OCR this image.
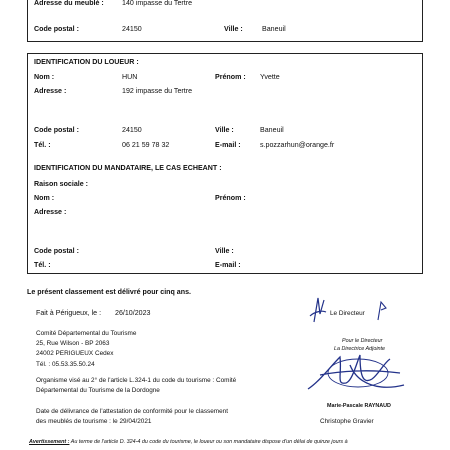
Adresse du meublé :	140 impasse du Tertre
Code postal :	24150	Ville :	Baneuil
IDENTIFICATION DU LOUEUR :
Nom :	HUN	Prénom : Yvette
Adresse :	192 impasse du Tertre
Code postal :	24150	Ville :	Baneuil
Tél. :	06 21 59 78 32	E-mail :	s.pozzarhun@orange.fr
IDENTIFICATION DU MANDATAIRE, LE CAS ECHEANT :
Raison sociale :
Nom :	Prénom :
Adresse :
Code postal :	Ville :
Tél. :	E-mail :
Le présent classement est délivré pour cinq ans.
Fait à Périgueux, le : 26/10/2023
Comité Départemental du Tourisme
25, Rue Wilson - BP 2063
24002 PERIGUEUX Cedex
Tél. : 05.53.35.50.24
Organisme visé au 2° de l'article L.324-1 du code du tourisme : Comité
Départemental du Tourisme de la Dordogne
Date de délivrance de l'attestation de conformité pour le classement
des meublés de tourisme : le 29/04/2021
Le Directeur
Pour le Directeur
La Directrice Adjointe
Marie-Pascale RAYNAUD
Christophe Gravier
Avertissement : Au terme de l'article D. 324-4 du code du tourisme, le loueur ou son mandataire dispose d'un délai de quinze jours à
